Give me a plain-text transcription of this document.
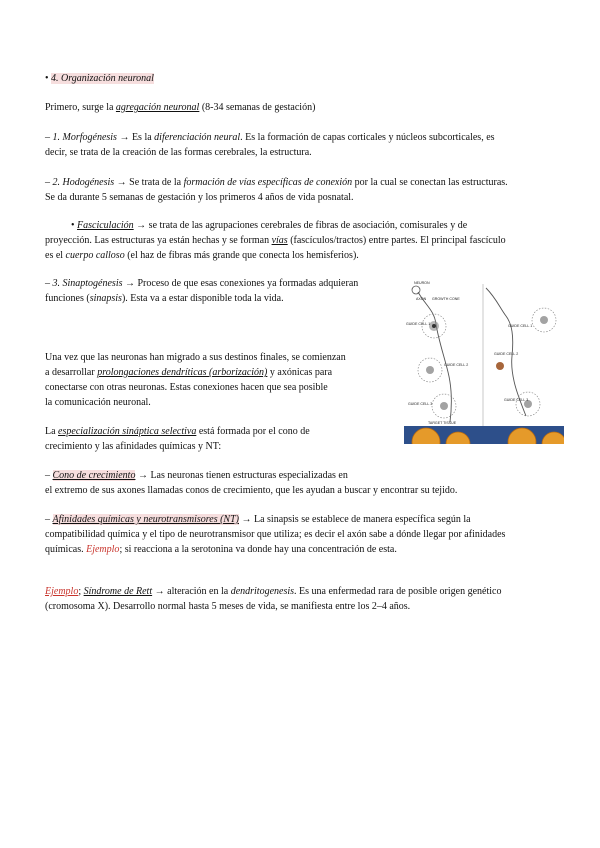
• 4. Organización neuronal

Primero, surge la agregación neuronal (8-34 semanas de gestación)

– 1. Morfogénesis → Es la diferenciación neural. Es la formación de capas corticales y núcleos subcorticales, es
decir, se trata de la creación de las formas cerebrales, la estructura.

– 2. Hodogénesis → Se trata de la formación de vías específicas de conexión por la cual se conectan las estructuras.
Se da durante 5 semanas de gestación y los primeros 4 años de vida posnatal.

• Fasciculación → se trata de las agrupaciones cerebrales de fibras de asociación, comisurales y de
proyección. Las estructuras ya están hechas y se forman vías (fascículos/tractos) entre partes. El principal fascículo
es el cuerpo calloso (el haz de fibras más grande que conecta los hemisferios).

– 3. Sinaptogénesis → Proceso de que esas conexiones ya formadas adquieran
funciones (sinapsis). Esta va a estar disponible toda la vida.

Una vez que las neuronas han migrado a sus destinos finales, se comienzan
a desarrollar prolongaciones dendríticas (arborización) y axónicas para
conectarse con otras neuronas. Estas conexiones hacen que sea posible
la comunicación neuronal.

La especialización sináptica selectiva está formada por el cono de
crecimiento y las afinidades químicas y NT:

– Cono de crecimiento → Las neuronas tienen estructuras especializadas en
el extremo de sus axones llamadas conos de crecimiento, que les ayudan a buscar y encontrar su tejido.

– Afinidades químicas y neurotransmisores (NT) → La sinapsis se establece de manera específica según la
compatibilidad química y el tipo de neurotransmisor que utiliza; es decir el axón sabe a dónde llegar por afinidades
químicas. Ejemplo; si reacciona a la serotonina va donde hay una concentración de esta.

Ejemplo; Síndrome de Rett → alteración en la dendritogenesis. Es una enfermedad rara de posible origen genético
(cromosoma X). Desarrollo normal hasta 5 meses de vida, se manifiesta entre los 2–4 años.

NEURON
AXON GROWTH CONE
GUIDE CELL 1	GUIDE CELL 1
GUIDE CELL 2
GUIDE CELL 2
GUIDE CELL 3
GUIDE CELL 3
TARGET TISSUE
